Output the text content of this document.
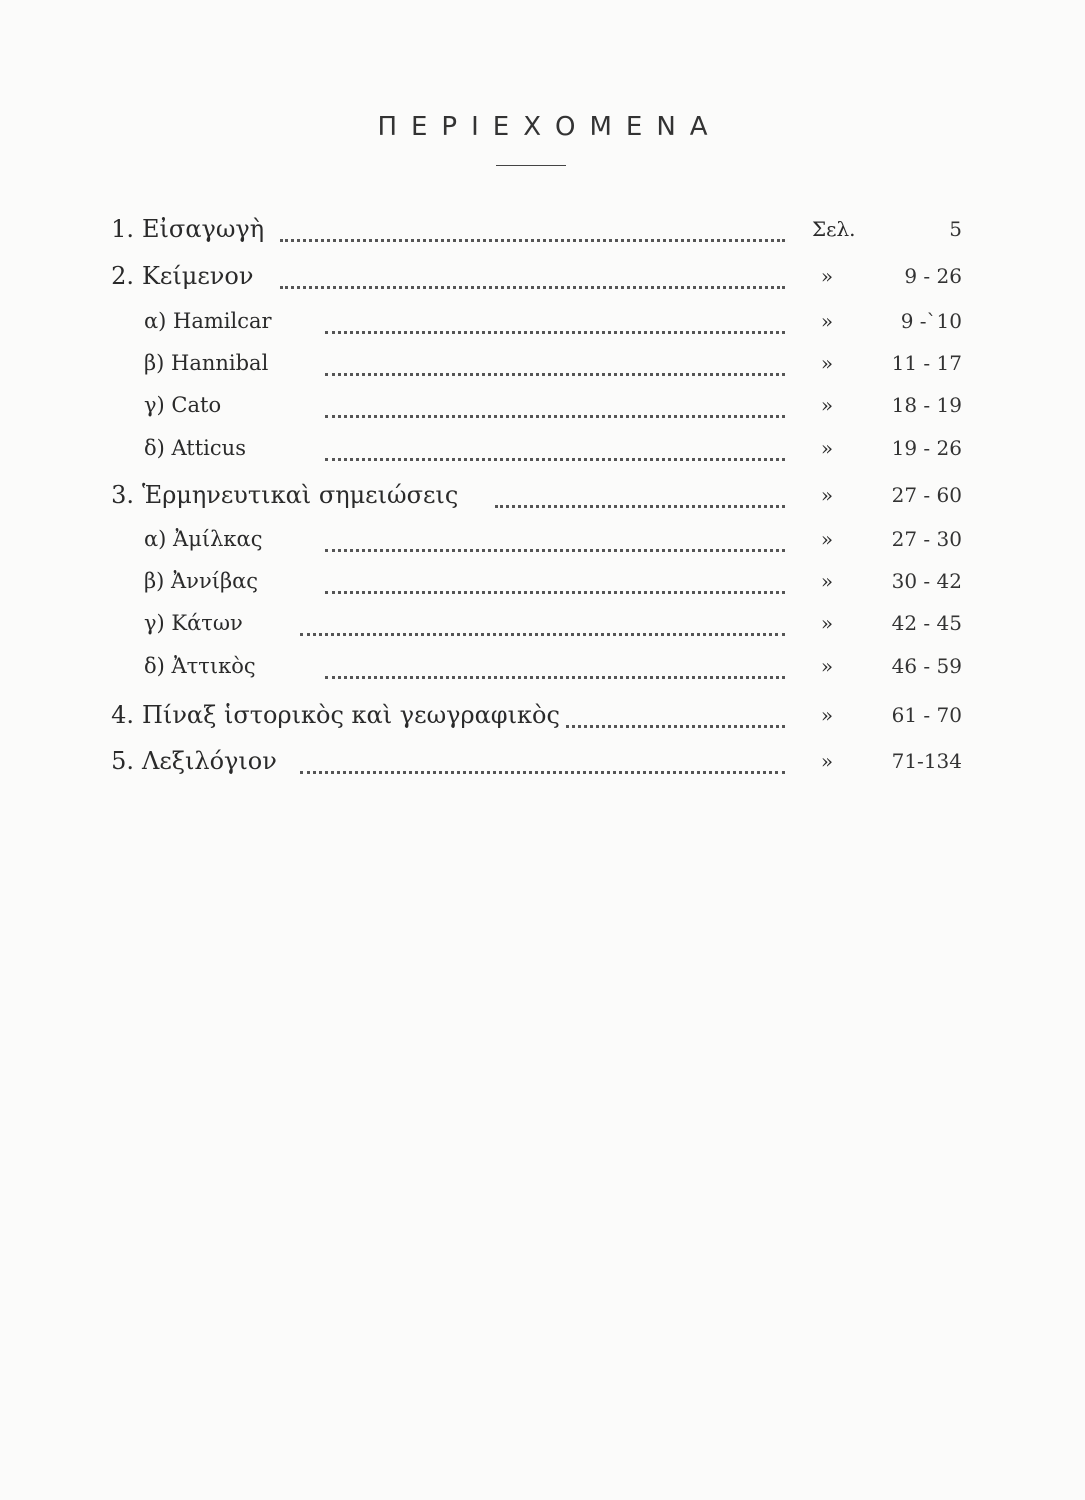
ΠΕΡΙΕΧΟΜΕΝΑ
1. Εἰσαγωγὴ	Σελ.	5
2. Κείμενον	»	9 - 26
α) Hamilcar	»	9 -`10
β) Hannibal	»	11 - 17
γ) Cato	»	18 - 19
δ) Atticus	»	19 - 26
3. Ἑρμηνευτικαὶ σημειώσεις	»	27 - 60
α) Ἀμίλκας	»	27 - 30
β) Ἀννίβας	»	30 - 42
γ) Κάτων	»	42 - 45
δ) Ἀττικὸς	»	46 - 59
4. Πίναξ ἱστορικὸς καὶ γεωγραφικὸς	»	61 - 70
5. Λεξιλόγιον	»	71-134
